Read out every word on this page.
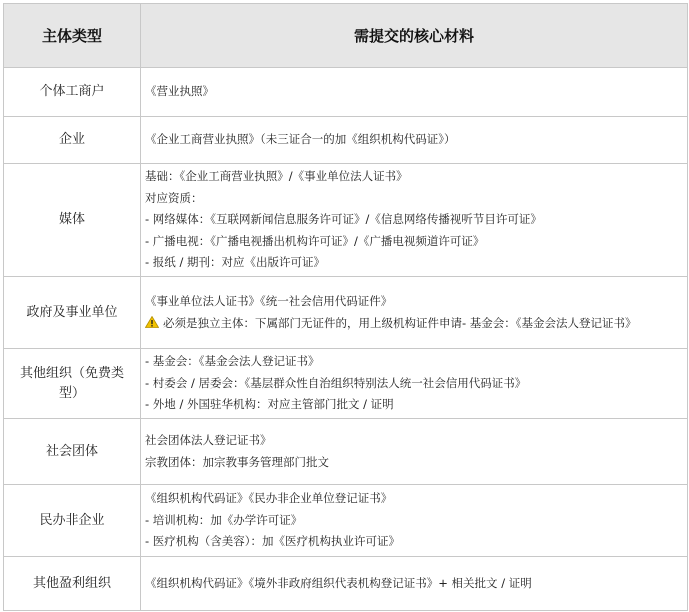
主体类型	需提交的核心材料
个体工商户	《营业执照》

企业	《企业工商营业执照》（未三证合一的加《组织机构代码证》）

媒体	基础：《企业工商营业执照》/《事业单位法人证书》
对应资质：
- 网络媒体：《互联网新闻信息服务许可证》/《信息网络传播视听节目许可证》
- 广播电视：《广播电视播出机构许可证》/《广播电视频道许可证》
- 报纸 / 期刊：对应《出版许可证》

政府及事业单位	《事业单位法人证书》《统一社会信用代码证件》
必须是独立主体：下属部门无证件的，用上级机构证件申请- 基金会：《基金会法人登记证书》

其他组织（免费类型）	- 基金会：《基金会法人登记证书》
- 村委会 / 居委会：《基层群众性自治组织特别法人统一社会信用代码证书》
- 外地 / 外国驻华机构：对应主管部门批文 / 证明

社会团体	社会团体法人登记证书》
宗教团体：加宗教事务管理部门批文

民办非企业	《组织机构代码证》《民办非企业单位登记证书》
- 培训机构：加《办学许可证》
- 医疗机构（含美容）：加《医疗机构执业许可证》

其他盈利组织	《组织机构代码证》《境外非政府组织代表机构登记证书》+ 相关批文 / 证明
